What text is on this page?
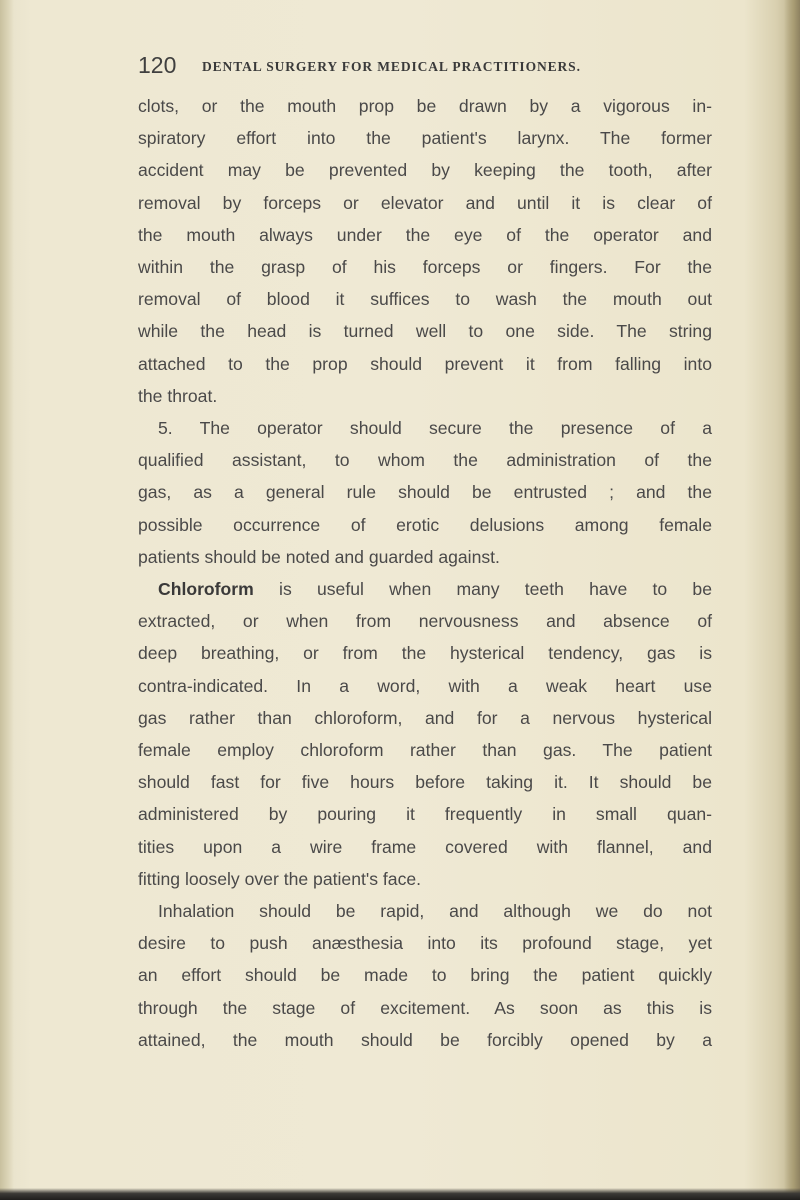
120 DENTAL SURGERY FOR MEDICAL PRACTITIONERS.
clots, or the mouth prop be drawn by a vigorous in-
spiratory effort into the patient's larynx. The former
accident may be prevented by keeping the tooth, after
removal by forceps or elevator and until it is clear of
the mouth always under the eye of the operator and
within the grasp of his forceps or fingers. For the
removal of blood it suffices to wash the mouth out
while the head is turned well to one side. The string
attached to the prop should prevent it from falling into
the throat.
5. The operator should secure the presence of a
qualified assistant, to whom the administration of the
gas, as a general rule should be entrusted ; and the
possible occurrence of erotic delusions among female
patients should be noted and guarded against.
Chloroform is useful when many teeth have to be
extracted, or when from nervousness and absence of
deep breathing, or from the hysterical tendency, gas is
contra-indicated. In a word, with a weak heart use
gas rather than chloroform, and for a nervous hysterical
female employ chloroform rather than gas. The patient
should fast for five hours before taking it. It should be
administered by pouring it frequently in small quan-
tities upon a wire frame covered with flannel, and
fitting loosely over the patient's face.
Inhalation should be rapid, and although we do not
desire to push anæsthesia into its profound stage, yet
an effort should be made to bring the patient quickly
through the stage of excitement. As soon as this is
attained, the mouth should be forcibly opened by a
